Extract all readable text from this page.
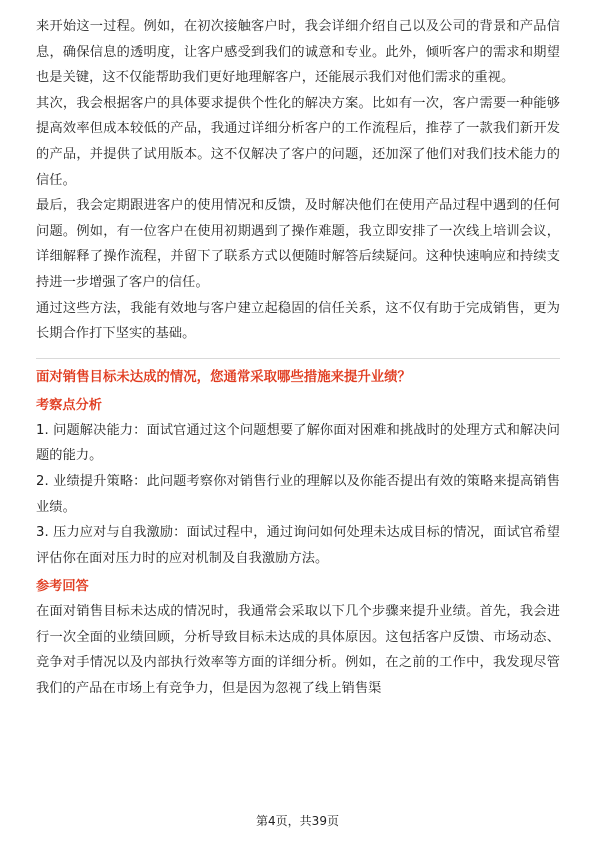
来开始这一过程。例如，在初次接触客户时，我会详细介绍自己以及公司的背景和产品信息，确保信息的透明度，让客户感受到我们的诚意和专业。此外，倾听客户的需求和期望也是关键，这不仅能帮助我们更好地理解客户，还能展示我们对他们需求的重视。

其次，我会根据客户的具体要求提供个性化的解决方案。比如有一次，客户需要一种能够提高效率但成本较低的产品，我通过详细分析客户的工作流程后，推荐了一款我们新开发的产品，并提供了试用版本。这不仅解决了客户的问题，还加深了他们对我们技术能力的信任。

最后，我会定期跟进客户的使用情况和反馈，及时解决他们在使用产品过程中遇到的任何问题。例如，有一位客户在使用初期遇到了操作难题，我立即安排了一次线上培训会议，详细解释了操作流程，并留下了联系方式以便随时解答后续疑问。这种快速响应和持续支持进一步增强了客户的信任。

通过这些方法，我能有效地与客户建立起稳固的信任关系，这不仅有助于完成销售，更为长期合作打下坚实的基础。

面对销售目标未达成的情况，您通常采取哪些措施来提升业绩？

考察点分析

1. 问题解决能力：面试官通过这个问题想要了解你面对困难和挑战时的处理方式和解决问题的能力。

2. 业绩提升策略：此问题考察你对销售行业的理解以及你能否提出有效的策略来提高销售业绩。

3. 压力应对与自我激励：面试过程中，通过询问如何处理未达成目标的情况，面试官希望评估你在面对压力时的应对机制及自我激励方法。

参考回答

在面对销售目标未达成的情况时，我通常会采取以下几个步骤来提升业绩。首先，我会进行一次全面的业绩回顾，分析导致目标未达成的具体原因。这包括客户反馈、市场动态、竞争对手情况以及内部执行效率等方面的详细分析。例如，在之前的工作中，我发现尽管我们的产品在市场上有竞争力，但是因为忽视了线上销售渠

第4页，共39页
